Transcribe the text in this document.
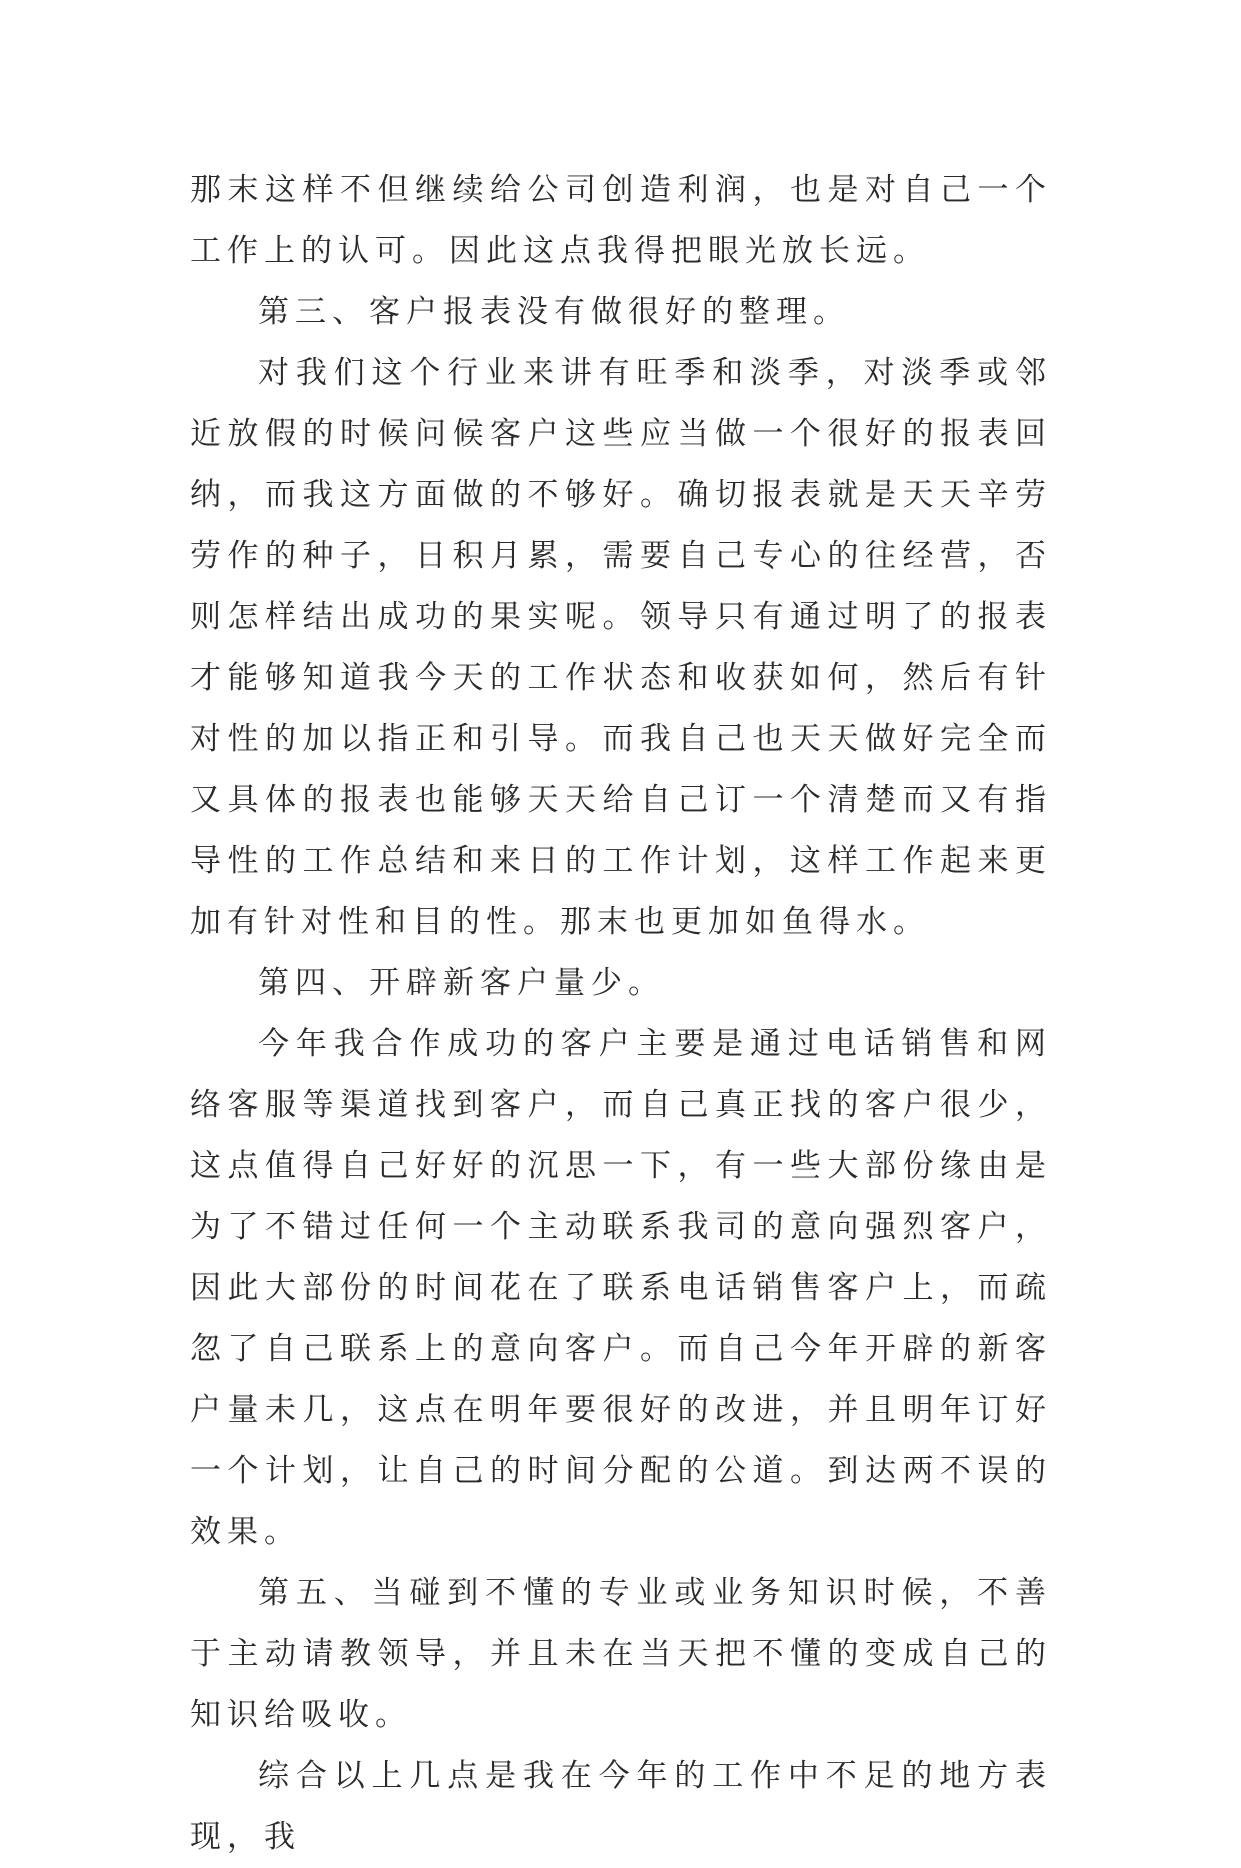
那末这样不但继续给公司创造利润，也是对自己一个工作上的认可。因此这点我得把眼光放长远。

第三、客户报表没有做很好的整理。

对我们这个行业来讲有旺季和淡季，对淡季或邻近放假的时候问候客户这些应当做一个很好的报表回纳，而我这方面做的不够好。确切报表就是天天辛劳劳作的种子，日积月累，需要自己专心的往经营，否则怎样结出成功的果实呢。领导只有通过明了的报表才能够知道我今天的工作状态和收获如何，然后有针对性的加以指正和引导。而我自己也天天做好完全而又具体的报表也能够天天给自己订一个清楚而又有指导性的工作总结和来日的工作计划，这样工作起来更加有针对性和目的性。那末也更加如鱼得水。

第四、开辟新客户量少。

今年我合作成功的客户主要是通过电话销售和网络客服等渠道找到客户，而自己真正找的客户很少，这点值得自己好好的沉思一下，有一些大部份缘由是为了不错过任何一个主动联系我司的意向强烈客户，因此大部份的时间花在了联系电话销售客户上，而疏忽了自己联系上的意向客户。而自己今年开辟的新客户量未几，这点在明年要很好的改进，并且明年订好一个计划，让自己的时间分配的公道。到达两不误的效果。

第五、当碰到不懂的专业或业务知识时候，不善于主动请教领导，并且未在当天把不懂的变成自己的知识给吸收。

综合以上几点是我在今年的工作中不足的地方表现，我
